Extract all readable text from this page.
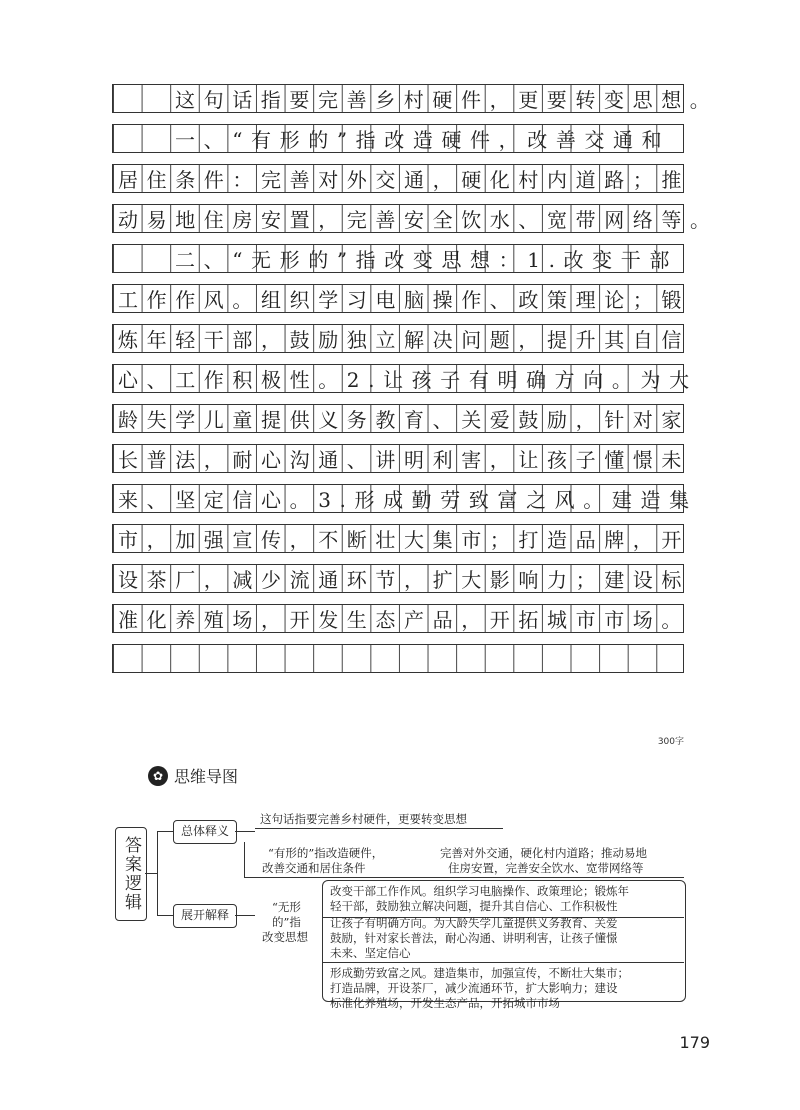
这句话指要完善乡村硬件，更要转变思想。
一、“有形的”指改造硬件，改善交通和
居住条件：完善对外交通，硬化村内道路；推
动易地住房安置，完善安全饮水、宽带网络等。
二、“无形的”指改变思想：1.改变干部
工作作风。组织学习电脑操作、政策理论；锻
炼年轻干部，鼓励独立解决问题，提升其自信
心、工作积极性。2.让孩子有明确方向。为大
龄失学儿童提供义务教育、关爱鼓励，针对家
长普法，耐心沟通、讲明利害，让孩子懂憬未
来、坚定信心。3.形成勤劳致富之风。建造集
市，加强宣传，不断壮大集市；打造品牌，开
设茶厂，减少流通环节，扩大影响力；建设标
准化养殖场，开发生态产品，开拓城市市场。
300字
✿ 思维导图
答案逻辑
总体释义
这句话指要完善乡村硬件，更要转变思想
“有形的”指改造硬件，
改善交通和居住条件
完善对外交通，硬化村内道路；推动易地
住房安置，完善安全饮水、宽带网络等
展开解释
“无形
的”指
改变思想
改变干部工作作风。组织学习电脑操作、政策理论；锻炼年
轻干部，鼓励独立解决问题，提升其自信心、工作积极性
让孩子有明确方向。为大龄失学儿童提供义务教育、关爱
鼓励，针对家长普法，耐心沟通、讲明利害，让孩子懂憬
未来、坚定信心
形成勤劳致富之风。建造集市，加强宣传，不断壮大集市；
打造品牌，开设茶厂，减少流通环节，扩大影响力；建设
标准化养殖场，开发生态产品，开拓城市市场
179
